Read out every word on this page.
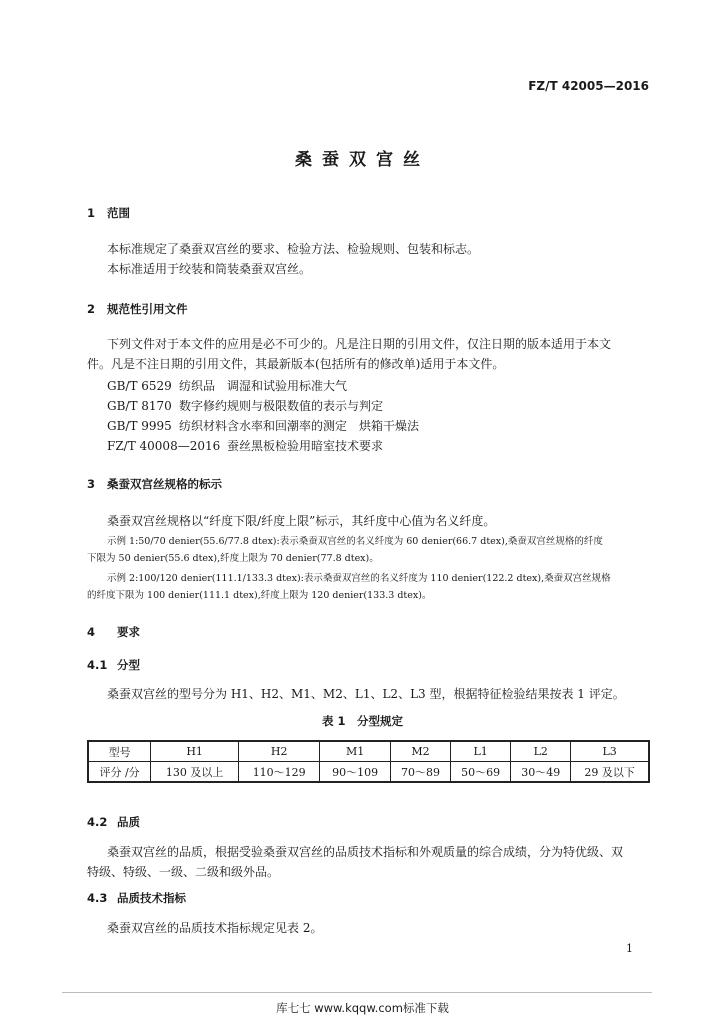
FZ/T 42005—2016
桑蚕双宫丝
1 范围
本标准规定了桑蚕双宫丝的要求、检验方法、检验规则、包装和标志。
本标准适用于绞装和筒装桑蚕双宫丝。
2 规范性引用文件
下列文件对于本文件的应用是必不可少的。凡是注日期的引用文件，仅注日期的版本适用于本文
件。凡是不注日期的引用文件，其最新版本(包括所有的修改单)适用于本文件。
GB/T 6529 纺织品　调湿和试验用标准大气
GB/T 8170 数字修约规则与极限数值的表示与判定
GB/T 9995 纺织材料含水率和回潮率的测定　烘箱干燥法
FZ/T 40008—2016 蚕丝黑板检验用暗室技术要求
3 桑蚕双宫丝规格的标示
桑蚕双宫丝规格以“纤度下限/纤度上限”标示，其纤度中心值为名义纤度。
示例 1:50/70 denier(55.6/77.8 dtex):表示桑蚕双宫丝的名义纤度为 60 denier(66.7 dtex),桑蚕双宫丝规格的纤度
下限为 50 denier(55.6 dtex),纤度上限为 70 denier(77.8 dtex)。
示例 2:100/120 denier(111.1/133.3 dtex):表示桑蚕双宫丝的名义纤度为 110 denier(122.2 dtex),桑蚕双宫丝规格
的纤度下限为 100 denier(111.1 dtex),纤度上限为 120 denier(133.3 dtex)。
4 要求
4.1 分型
桑蚕双宫丝的型号分为 H1、H2、M1、M2、L1、L2、L3 型，根据特征检验结果按表 1 评定。
表 1　分型规定
型号	H1	H2	M1	M2	L1	L2	L3
评分 /分	130 及以上	110～129	90～109	70～89	50～69	30～49	29 及以下
4.2 品质
桑蚕双宫丝的品质，根据受验桑蚕双宫丝的品质技术指标和外观质量的综合成绩，分为特优级、双
特级、特级、一级、二级和级外品。
4.3 品质技术指标
桑蚕双宫丝的品质技术指标规定见表 2。
1
库七七 www.kqqw.com标准下载
